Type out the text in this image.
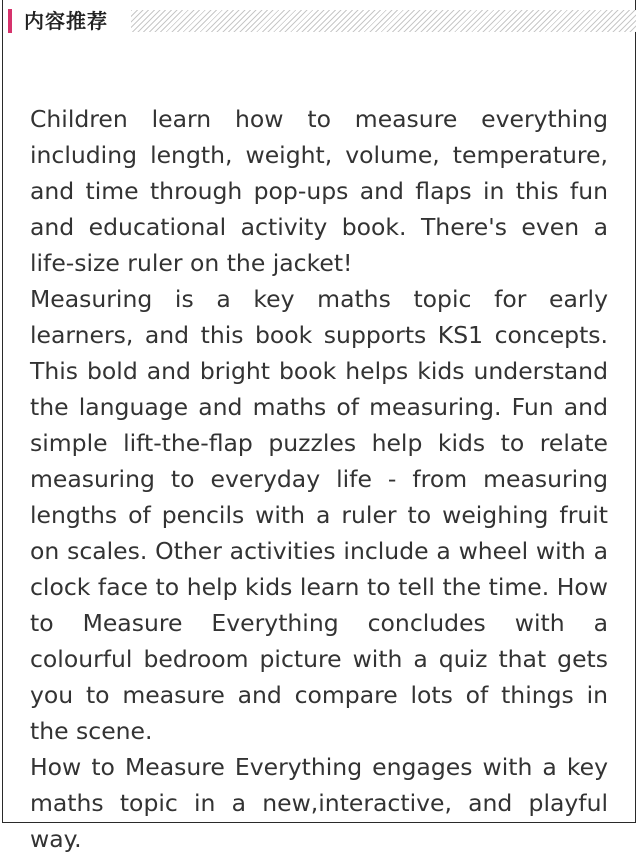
内容推荐

Children learn how to measure everything including length, weight, volume, temperature, and time through pop-ups and flaps in this fun and educational activity book. There's even a life-size ruler on the jacket!

Measuring is a key maths topic for early learners, and this book supports KS1 concepts. This bold and bright book helps kids understand the language and maths of measuring. Fun and simple lift-the-flap puzzles help kids to relate measuring to everyday life - from measuring lengths of pencils with a ruler to weighing fruit on scales. Other activities include a wheel with a clock face to help kids learn to tell the time. How to Measure Everything concludes with a colourful bedroom picture with a quiz that gets you to measure and compare lots of things in the scene.

How to Measure Everything engages with a key maths topic in a new,interactive, and playful way.
